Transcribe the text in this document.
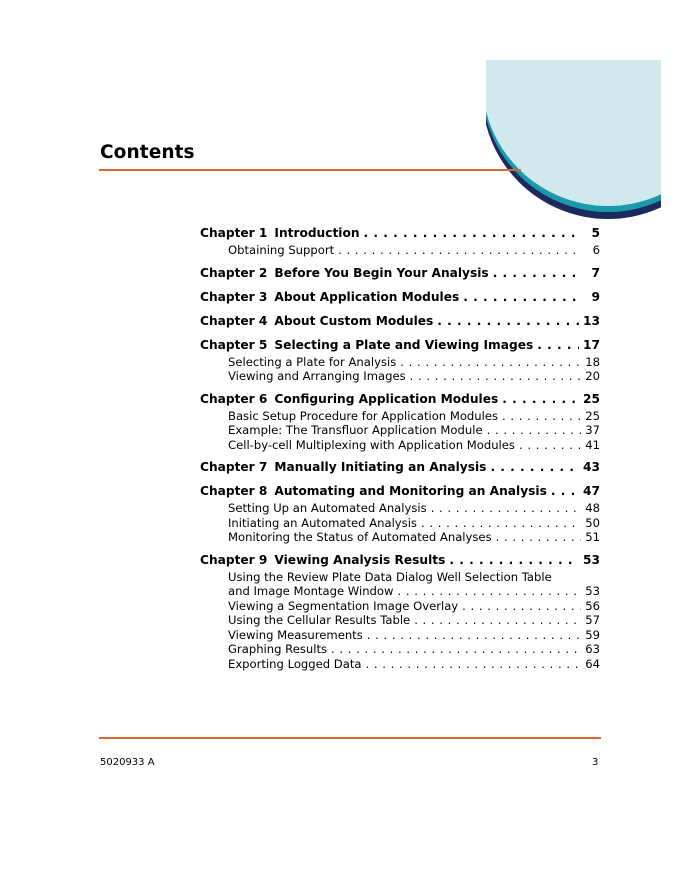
Contents
Chapter 1 Introduction . . .	5
Obtaining Support . . .	6
Chapter 2 Before You Begin Your Analysis . . .	7
Chapter 3 About Application Modules . . .	9
Chapter 4 About Custom Modules . . .	13
Chapter 5 Selecting a Plate and Viewing Images . . .	17
Selecting a Plate for Analysis . . .	18
Viewing and Arranging Images . . .	20
Chapter 6 Configuring Application Modules . . .	25
Basic Setup Procedure for Application Modules . . .	25
Example: The Transfluor Application Module . . .	37
Cell-by-cell Multiplexing with Application Modules . . .	41
Chapter 7 Manually Initiating an Analysis . . .	43
Chapter 8 Automating and Monitoring an Analysis . . .	47
Setting Up an Automated Analysis . . .	48
Initiating an Automated Analysis . . .	50
Monitoring the Status of Automated Analyses . . .	51
Chapter 9 Viewing Analysis Results . . .	53
Using the Review Plate Data Dialog Well Selection Table
and Image Montage Window . . .	53
Viewing a Segmentation Image Overlay . . .	56
Using the Cellular Results Table . . .	57
Viewing Measurements . . .	59
Graphing Results . . .	63
Exporting Logged Data . . .	64
5020933 A	3
